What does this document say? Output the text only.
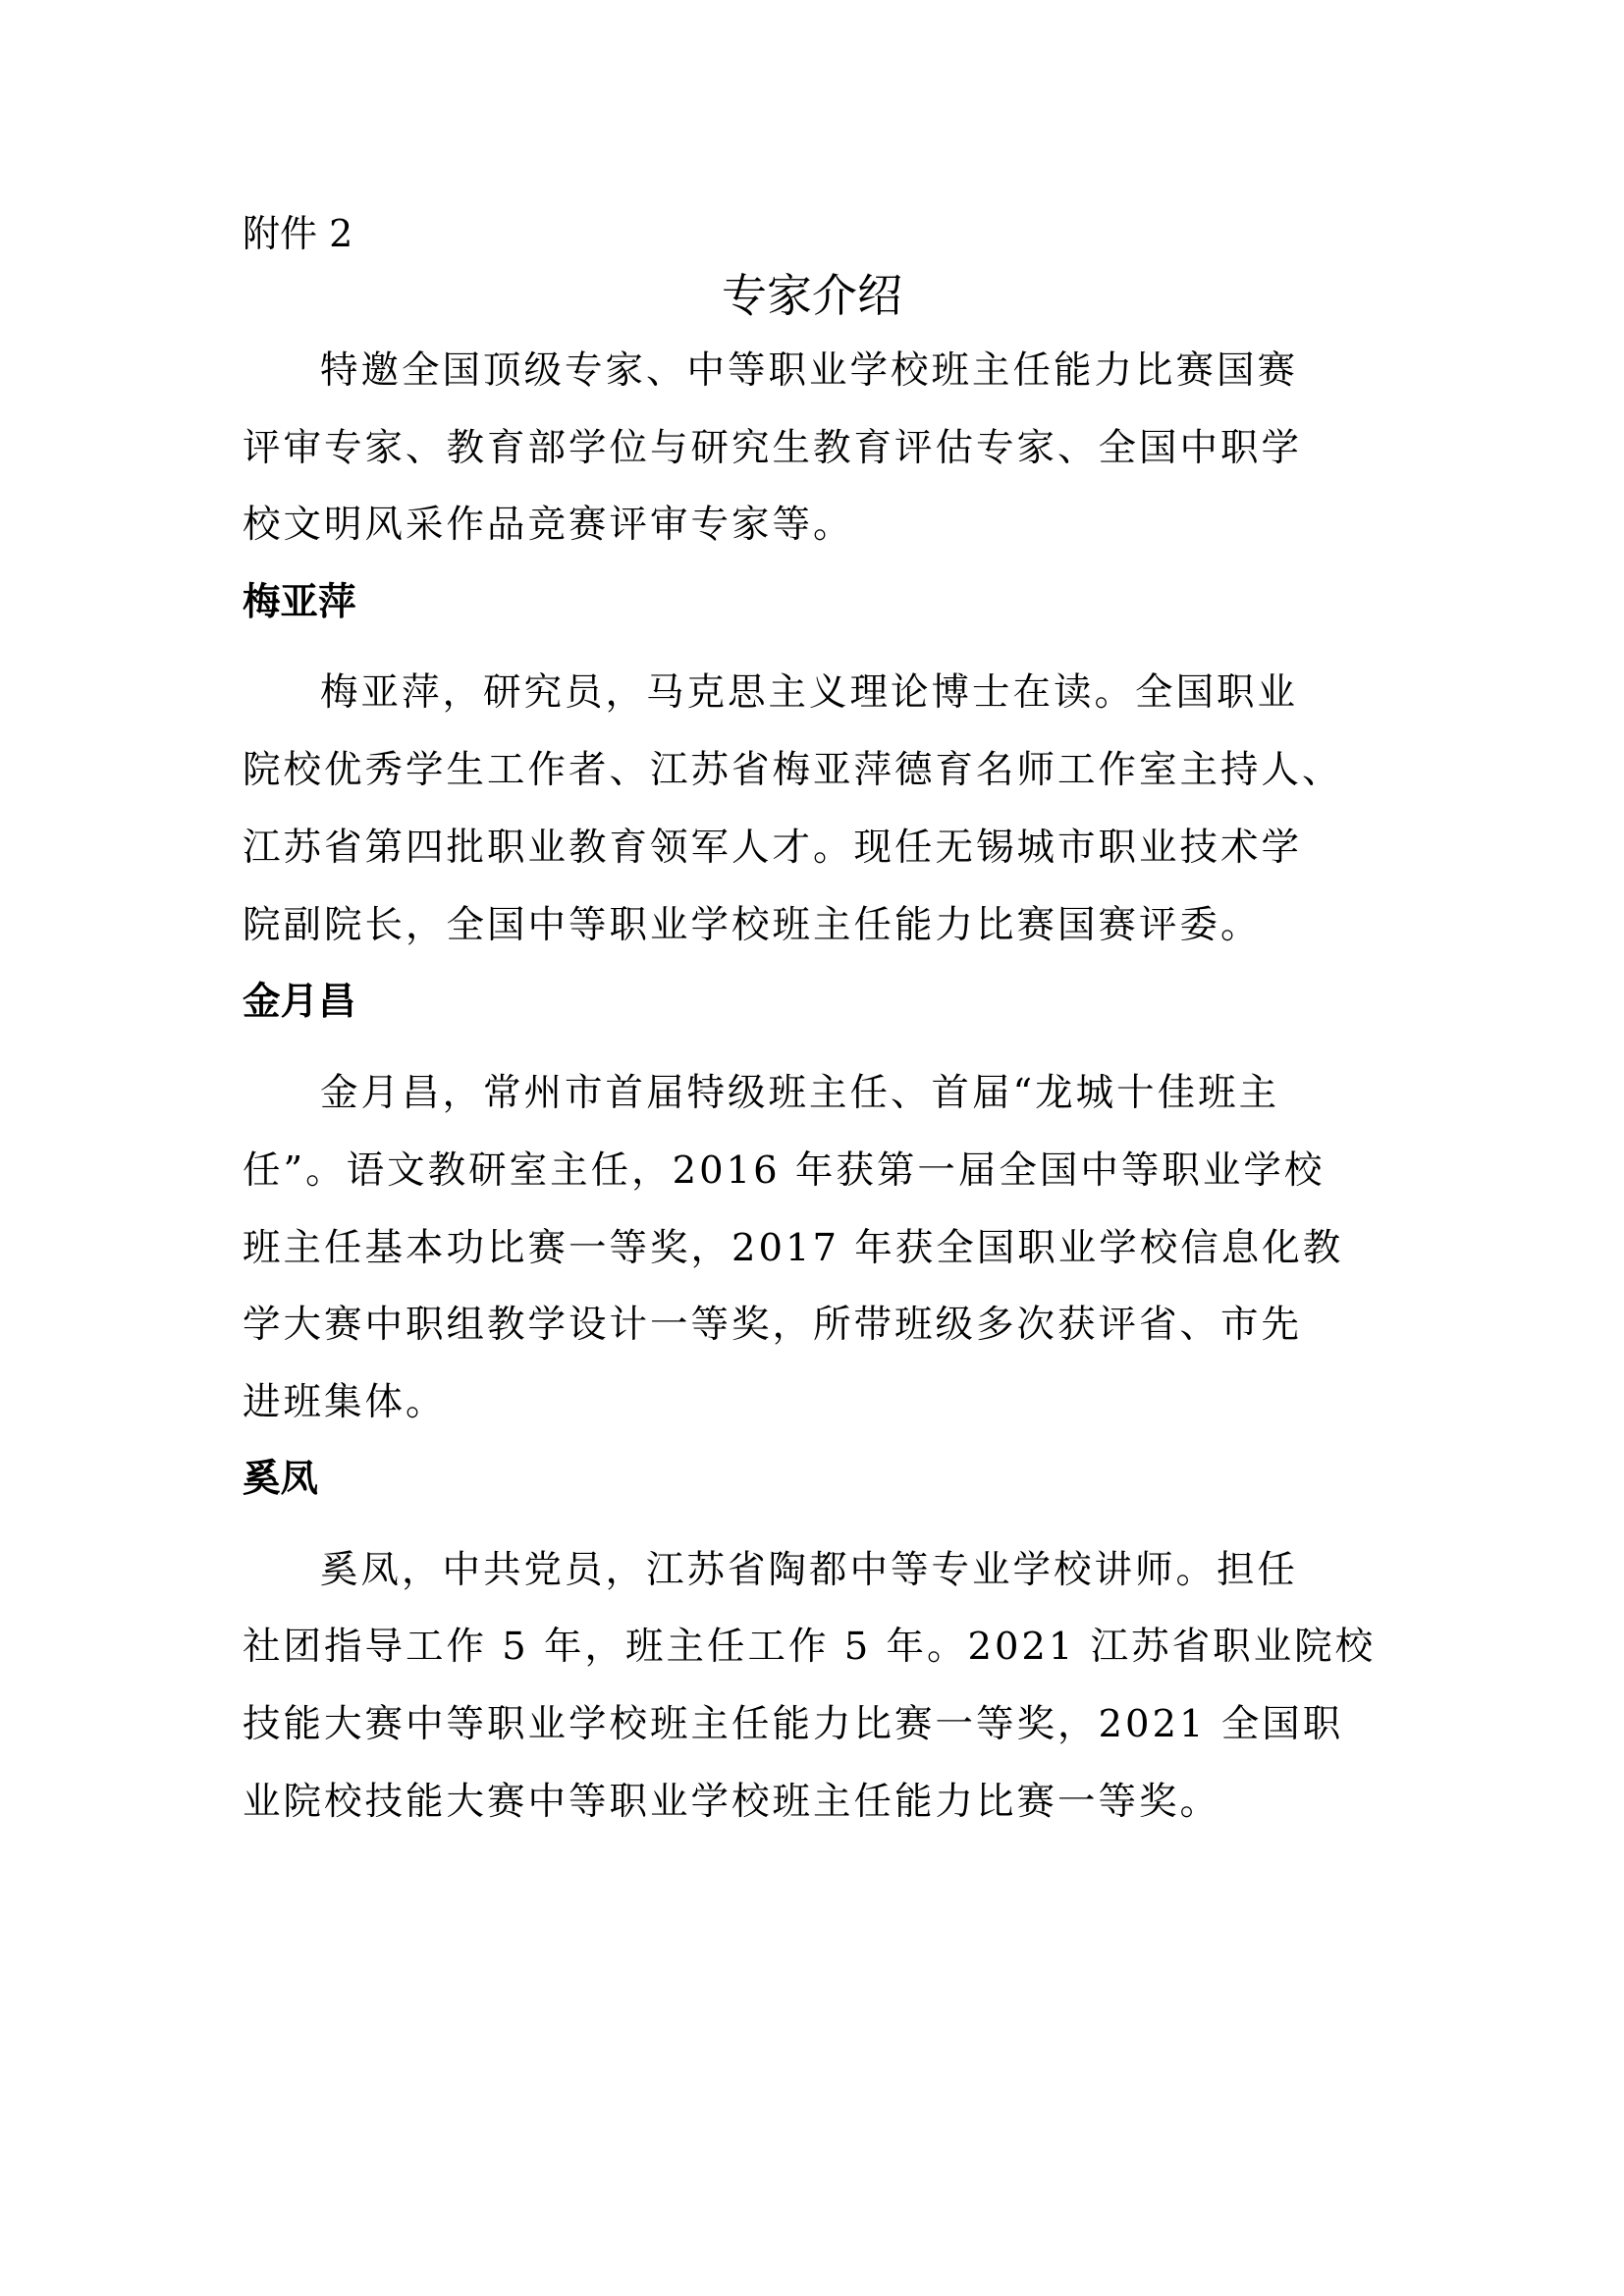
附件 2
专家介绍
特邀全国顶级专家、中等职业学校班主任能力比赛国赛
评审专家、教育部学位与研究生教育评估专家、全国中职学
校文明风采作品竞赛评审专家等。
梅亚萍
梅亚萍，研究员，马克思主义理论博士在读。全国职业
院校优秀学生工作者、江苏省梅亚萍德育名师工作室主持人、
江苏省第四批职业教育领军人才。现任无锡城市职业技术学
院副院长，全国中等职业学校班主任能力比赛国赛评委。
金月昌
金月昌，常州市首届特级班主任、首届“龙城十佳班主
任”。语文教研室主任，2016 年获第一届全国中等职业学校
班主任基本功比赛一等奖，2017 年获全国职业学校信息化教
学大赛中职组教学设计一等奖，所带班级多次获评省、市先
进班集体。
奚凤
奚凤，中共党员，江苏省陶都中等专业学校讲师。担任
社团指导工作 5 年，班主任工作 5 年。2021 江苏省职业院校
技能大赛中等职业学校班主任能力比赛一等奖，2021 全国职
业院校技能大赛中等职业学校班主任能力比赛一等奖。
